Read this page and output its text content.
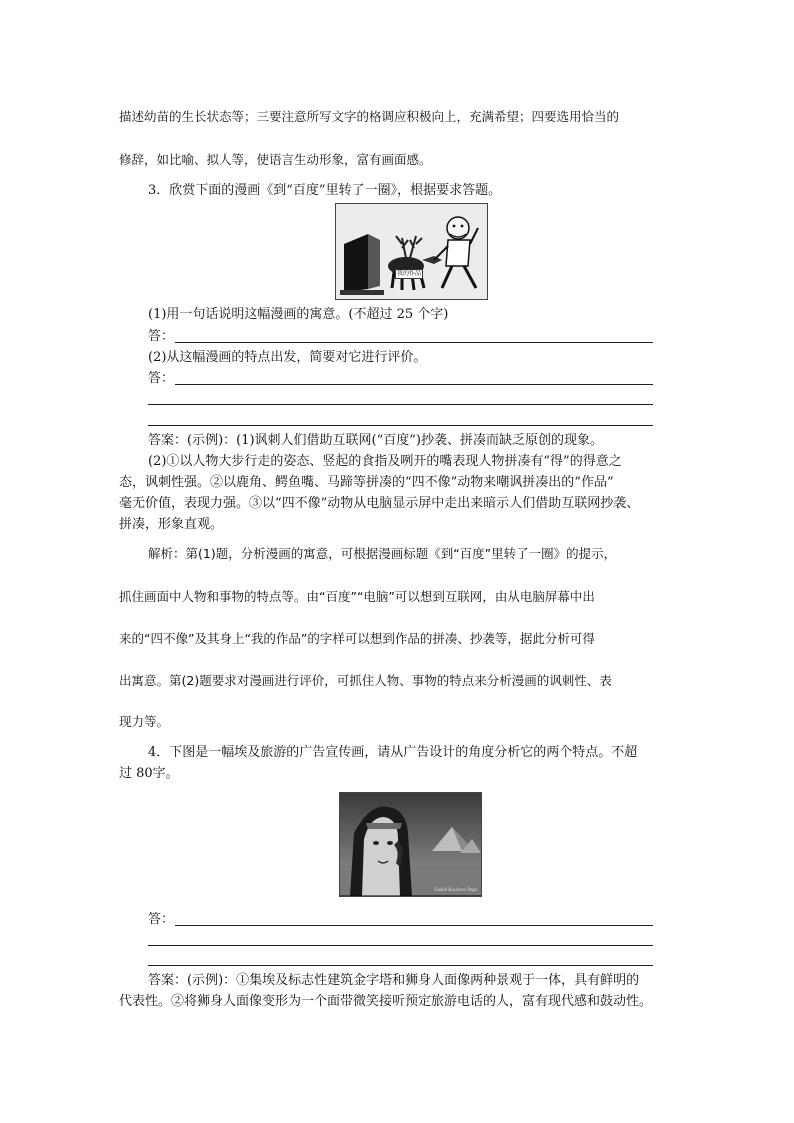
描述幼苗的生长状态等；三要注意所写文字的格调应积极向上，充满希望；四要选用恰当的
修辞，如比喻、拟人等，使语言生动形象，富有画面感。
3．欣赏下面的漫画《到“百度”里转了一圈》，根据要求答题。
我的作品
(1)用一句话说明这幅漫画的寓意。(不超过 25 个字)
答：
(2)从这幅漫画的特点出发，简要对它进行评价。
答：
答案：(示例)：(1)讽刺人们借助互联网(“百度”)抄袭、拼凑而缺乏原创的现象。
(2)①以人物大步行走的姿态、竖起的食指及咧开的嘴表现人物拼凑有“得”的得意之
态，讽刺性强。②以鹿角、鳄鱼嘴、马蹄等拼凑的“四不像”动物来嘲讽拼凑出的“作品”
毫无价值，表现力强。③以“四不像”动物从电脑显示屏中走出来暗示人们借助互联网抄袭、
拼凑，形象直观。
解析：第(1)题，分析漫画的寓意，可根据漫画标题《到“百度”里转了一圈》的提示，
抓住画面中人物和事物的特点等。由“百度”“电脑”可以想到互联网，由从电脑屏幕中出
来的“四不像”及其身上“我的作品”的字样可以想到作品的拼凑、抄袭等，据此分析可得
出寓意。第(2)题要求对漫画进行评价，可抓住人物、事物的特点来分析漫画的讽刺性、表
现力等。
4．下图是一幅埃及旅游的广告宣传画，请从广告设计的角度分析它的两个特点。不超
过 80字。
Global Business Page
答：
答案：(示例)：①集埃及标志性建筑金字塔和狮身人面像两种景观于一体，具有鲜明的
代表性。②将狮身人面像变形为一个面带微笑接听预定旅游电话的人，富有现代感和鼓动性。
